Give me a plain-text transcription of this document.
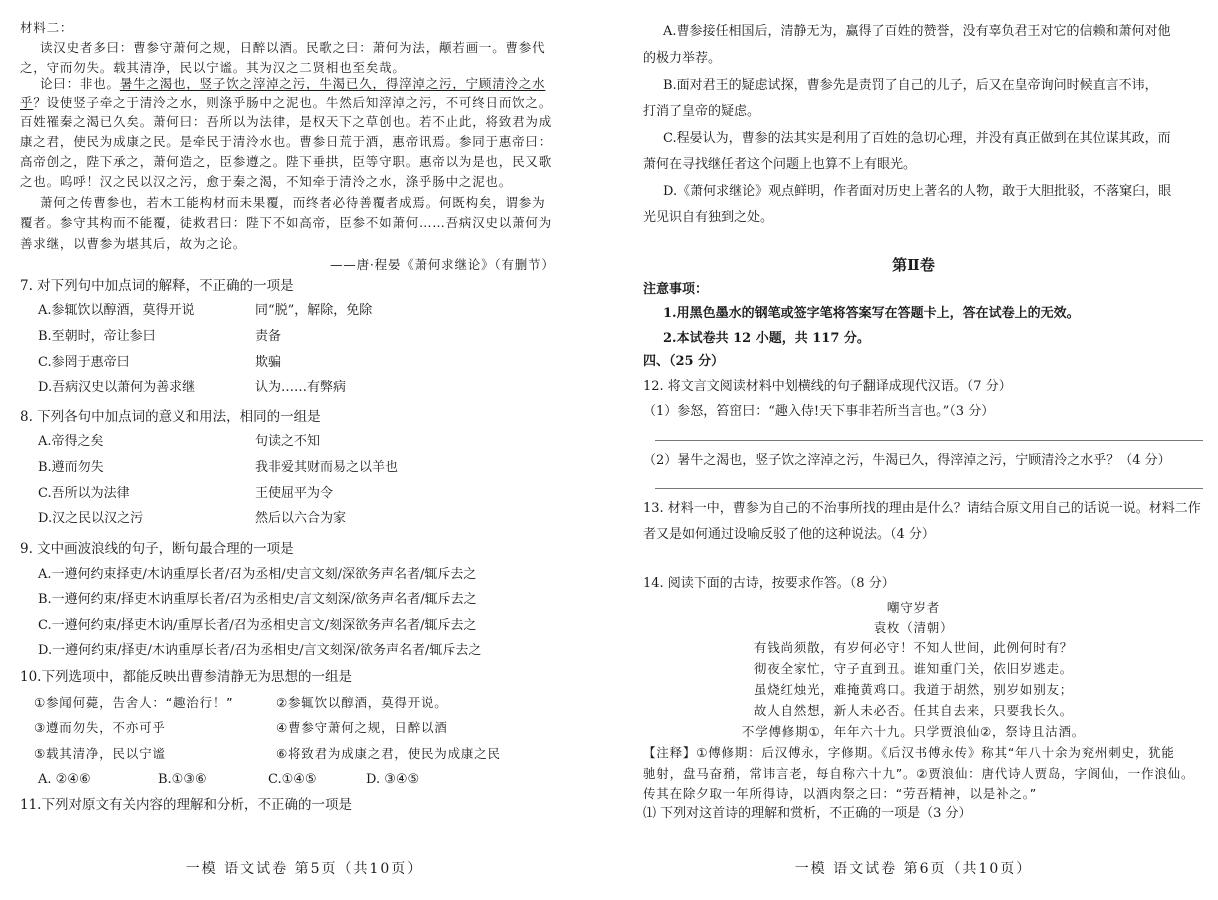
材料二：
读汉史者多曰：曹参守萧何之规，日醉以酒。民歌之曰：萧何为法，颟若画一。曹参代
之，守而勿失。载其清净，民以宁谧。其为汉之二贤相也至矣哉。
论曰：非也。暑牛之渴也，竖子饮之滓淖之污，牛渴已久，得滓淖之污，宁顾清泠之水
乎？设使竖子牵之于清泠之水，则涤乎肠中之泥也。牛然后知滓淖之污，不可终日而饮之。
百姓罹秦之渴已久矣。萧何曰：吾所以为法律，是权天下之草创也。若不止此，将致君为成
康之君，使民为成康之民。是牵民于清泠水也。曹参日荒于酒，惠帝讯焉。参同于惠帝曰：
高帝创之，陛下承之，萧何造之，臣参遵之。陛下垂拱，臣等守职。惠帝以为是也，民又歌
之也。呜呼！汉之民以汉之污，愈于秦之渴，不知牵于清泠之水，涤乎肠中之泥也。
萧何之传曹参也，若木工能构材而未果覆，而终者必待善覆者成焉。何既构矣，谓参为
覆者。参守其构而不能覆，徒救君曰：陛下不如高帝，臣参不如萧何……吾病汉史以萧何为
善求继，以曹参为堪其后，故为之论。
——唐·程晏《萧何求继论》（有删节）
7. 对下列句中加点词的解释，不正确的一项是
A.参辄饮以醇酒，莫得开说	同“脱”，解除，免除
B.至朝时，帝让参曰	责备
C.参罔于惠帝曰	欺骗
D.吾病汉史以萧何为善求继	认为……有弊病
8. 下列各句中加点词的意义和用法，相同的一组是
A.帝得之矣	句读之不知
B.遵而勿失	我非爱其财而易之以羊也
C.吾所以为法律	王使屈平为令
D.汉之民以汉之污	然后以六合为家
9. 文中画波浪线的句子，断句最合理的一项是
A.一遵何约束择吏/木讷重厚长者/召为丞相/史言文刻/深欲务声名者/辄斥去之
B.一遵何约束/择吏木讷重厚长者/召为丞相史/言文刻深/欲务声名者/辄斥去之
C.一遵何约束/择吏木讷/重厚长者/召为丞相史言文/刻深欲务声名者/辄斥去之
D.一遵何约束/择吏/木讷重厚长者/召为丞相史/言文刻深/欲务声名者/辄斥去之
10.下列选项中，都能反映出曹参清静无为思想的一组是
①参闻何薨，告舍人：“趣治行！”	②参辄饮以醇酒，莫得开说。
③遵而勿失，不亦可乎	④曹参守萧何之规，日醉以酒
⑤载其清净，民以宁谧	⑥将致君为成康之君，使民为成康之民
A. ②④⑥	B.①③⑥	C.①④⑤	D. ③④⑤
11.下列对原文有关内容的理解和分析，不正确的一项是
一模 语文试卷 第5页（共10页）
A.曹参接任相国后，清静无为，赢得了百姓的赞誉，没有辜负君王对它的信赖和萧何对他
的极力举荐。
B.面对君王的疑虑试探，曹参先是责罚了自己的儿子，后又在皇帝询问时候直言不讳，
打消了皇帝的疑虑。
C.程晏认为，曹参的法其实是利用了百姓的急切心理，并没有真正做到在其位谋其政，而
萧何在寻找继任者这个问题上也算不上有眼光。
D.《萧何求继论》观点鲜明，作者面对历史上著名的人物，敢于大胆批驳，不落窠臼，眼
光见识自有独到之处。
第Ⅱ卷
注意事项：
1.用黑色墨水的钢笔或签字笔将答案写在答题卡上，答在试卷上的无效。
2.本试卷共 12 小题，共 117 分。
四、（25 分）
12. 将文言文阅读材料中划横线的句子翻译成现代汉语。（7 分）
（1）参怒，笞窋曰：“趣入侍!天下事非若所当言也。”（3 分）
（2）暑牛之渴也，竖子饮之滓淖之污，牛渴已久，得滓淖之污，宁顾清泠之水乎？（4 分）
13. 材料一中，曹参为自己的不治事所找的理由是什么？请结合原文用自己的话说一说。材料二作
者又是如何通过设喻反驳了他的这种说法。（4 分）
14. 阅读下面的古诗，按要求作答。（8 分）
嘲守岁者
袁枚（清朝）
有钱尚须散，有岁何必守！不知人世间，此例何时有？
彻夜全家忙，守子直到丑。谁知重门关，依旧岁逃走。
虽烧红烛光，难掩黄鸡口。我道于胡然，别岁如别友；
故人自然想，新人未必否。任其自去来，只要我长久。
不学傅修期①，年年六十九。只学贾浪仙②，祭诗且沽酒。
【注释】①傅修期：后汉傅永，字修期。《后汉书傅永传》称其“年八十余为兖州刺史，犹能
驰射，盘马奋矟，常讳言老，每自称六十九”。②贾浪仙：唐代诗人贾岛，字阆仙，一作浪仙。
传其在除夕取一年所得诗，以酒肉祭之曰：“劳吾精神，以是补之。”
⑴ 下列对这首诗的理解和赏析，不正确的一项是（3 分）
一模 语文试卷 第6页（共10页）
